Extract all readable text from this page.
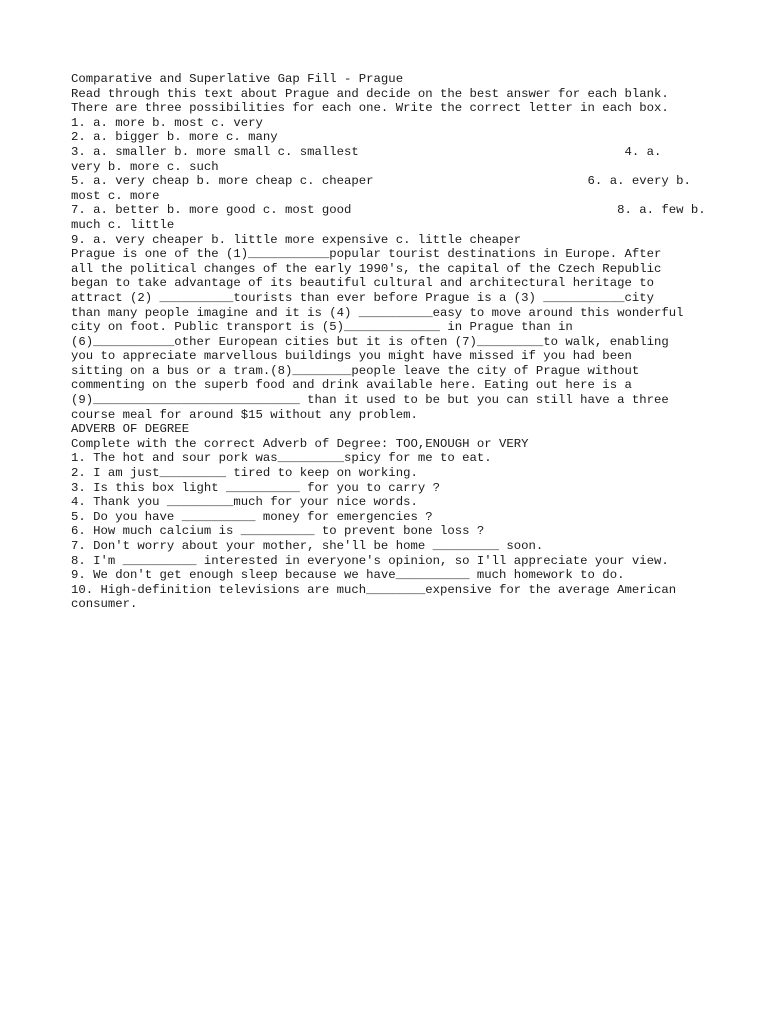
Comparative and Superlative Gap Fill - Prague
Read through this text about Prague and decide on the best answer for each blank.
There are three possibilities for each one. Write the correct letter in each box.
1. a. more b. most c. very
2. a. bigger b. more c. many
3. a. smaller b. more small c. smallest                                    4. a.
very b. more c. such
5. a. very cheap b. more cheap c. cheaper                             6. a. every b.
most c. more
7. a. better b. more good c. most good                                    8. a. few b.
much c. little
9. a. very cheaper b. little more expensive c. little cheaper
Prague is one of the (1)___________popular tourist destinations in Europe. After
all the political changes of the early 1990's, the capital of the Czech Republic
began to take advantage of its beautiful cultural and architectural heritage to
attract (2) __________tourists than ever before Prague is a (3) ___________city
than many people imagine and it is (4) __________easy to move around this wonderful
city on foot. Public transport is (5)_____________ in Prague than in
(6)___________other European cities but it is often (7)_________to walk, enabling
you to appreciate marvellous buildings you might have missed if you had been
sitting on a bus or a tram.(8)________people leave the city of Prague without
commenting on the superb food and drink available here. Eating out here is a
(9)____________________________ than it used to be but you can still have a three
course meal for around $15 without any problem.
ADVERB OF DEGREE
Complete with the correct Adverb of Degree: TOO,ENOUGH or VERY
1. The hot and sour pork was_________spicy for me to eat.
2. I am just_________ tired to keep on working.
3. Is this box light __________ for you to carry ?
4. Thank you _________much for your nice words.
5. Do you have __________ money for emergencies ?
6. How much calcium is __________ to prevent bone loss ?
7. Don't worry about your mother, she'll be home _________ soon.
8. I'm __________ interested in everyone's opinion, so I'll appreciate your view.
9. We don't get enough sleep because we have__________ much homework to do.
10. High-definition televisions are much________expensive for the average American
consumer.
